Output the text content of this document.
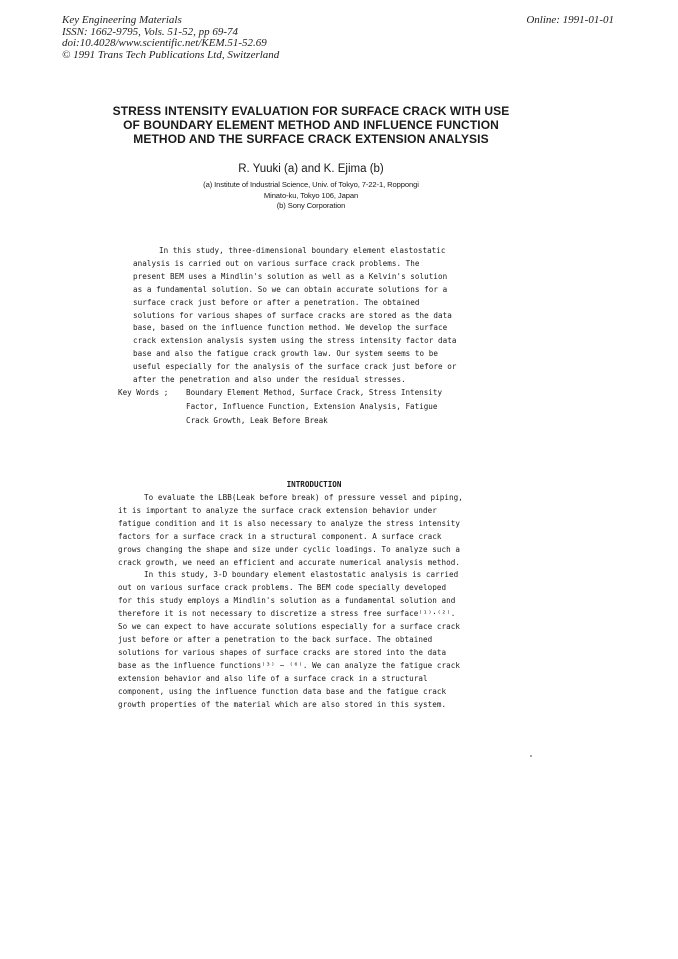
Key Engineering Materials
ISSN: 1662-9795, Vols. 51-52, pp 69-74
doi:10.4028/www.scientific.net/KEM.51-52.69
© 1991 Trans Tech Publications Ltd, Switzerland
Online: 1991-01-01
STRESS INTENSITY EVALUATION FOR SURFACE CRACK WITH USE
OF BOUNDARY ELEMENT METHOD AND INFLUENCE FUNCTION
METHOD AND THE SURFACE CRACK EXTENSION ANALYSIS
R. Yuuki (a) and K. Ejima (b)
(a) Institute of Industrial Science, Univ. of Tokyo, 7-22-1, Roppongi
Minato-ku, Tokyo 106, Japan
(b) Sony Corporation
In this study, three-dimensional boundary element elastostatic
analysis is carried out on various surface crack problems. The
present BEM uses a Mindlin's solution as well as a Kelvin's solution
as a fundamental solution. So we can obtain accurate solutions for a
surface crack just before or after a penetration. The obtained
solutions for various shapes of surface cracks are stored as the data
base, based on the influence function method. We develop the surface
crack extension analysis system using the stress intensity factor data
base and also the fatigue crack growth law. Our system seems to be
useful especially for the analysis of the surface crack just before or
after the penetration and also under the residual stresses.
Key Words ;	Boundary Element Method, Surface Crack, Stress Intensity
Factor, Influence Function, Extension Analysis, Fatigue
Crack Growth, Leak Before Break
INTRODUCTION
To evaluate the LBB(Leak before break) of pressure vessel and piping,
it is important to analyze the surface crack extension behavior under
fatigue condition and it is also necessary to analyze the stress intensity
factors for a surface crack in a structural component. A surface crack
grows changing the shape and size under cyclic loadings. To analyze such a
crack growth, we need an efficient and accurate numerical analysis method.
In this study, 3-D boundary element elastostatic analysis is carried
out on various surface crack problems. The BEM code specially developed
for this study employs a Mindlin's solution as a fundamental solution and
therefore it is not necessary to discretize a stress free surface⁽¹⁾·⁽²⁾.
So we can expect to have accurate solutions especially for a surface crack
just before or after a penetration to the back surface. The obtained
solutions for various shapes of surface cracks are stored into the data
base as the influence functions⁽³⁾ ~ ⁽⁶⁾. We can analyze the fatigue crack
extension behavior and also life of a surface crack in a structural
component, using the influence function data base and the fatigue crack
growth properties of the material which are also stored in this system.
